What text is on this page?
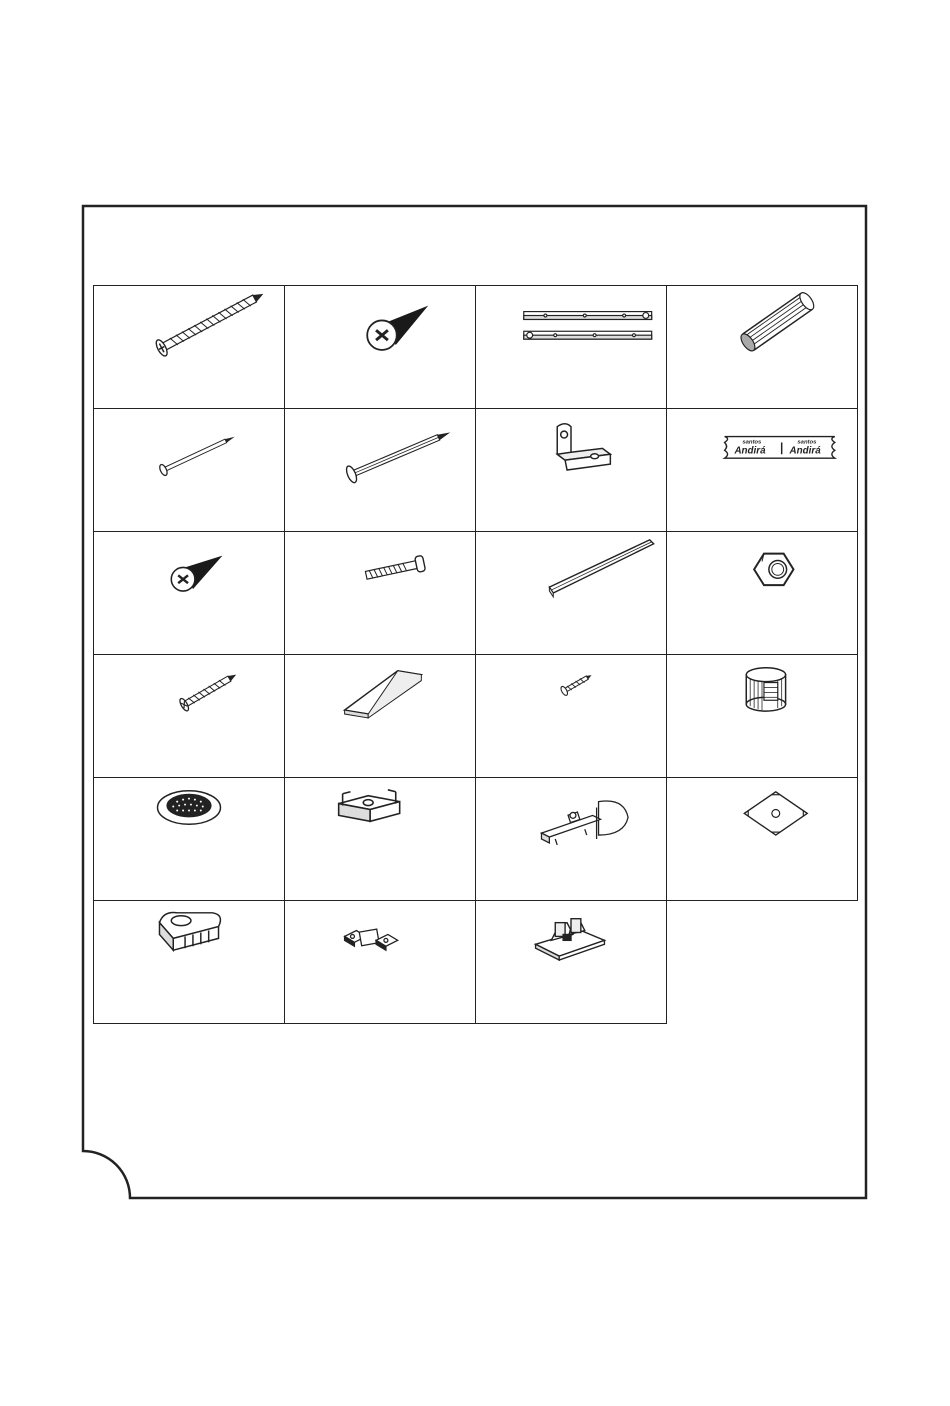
santos
Andirá
santos
Andirá
